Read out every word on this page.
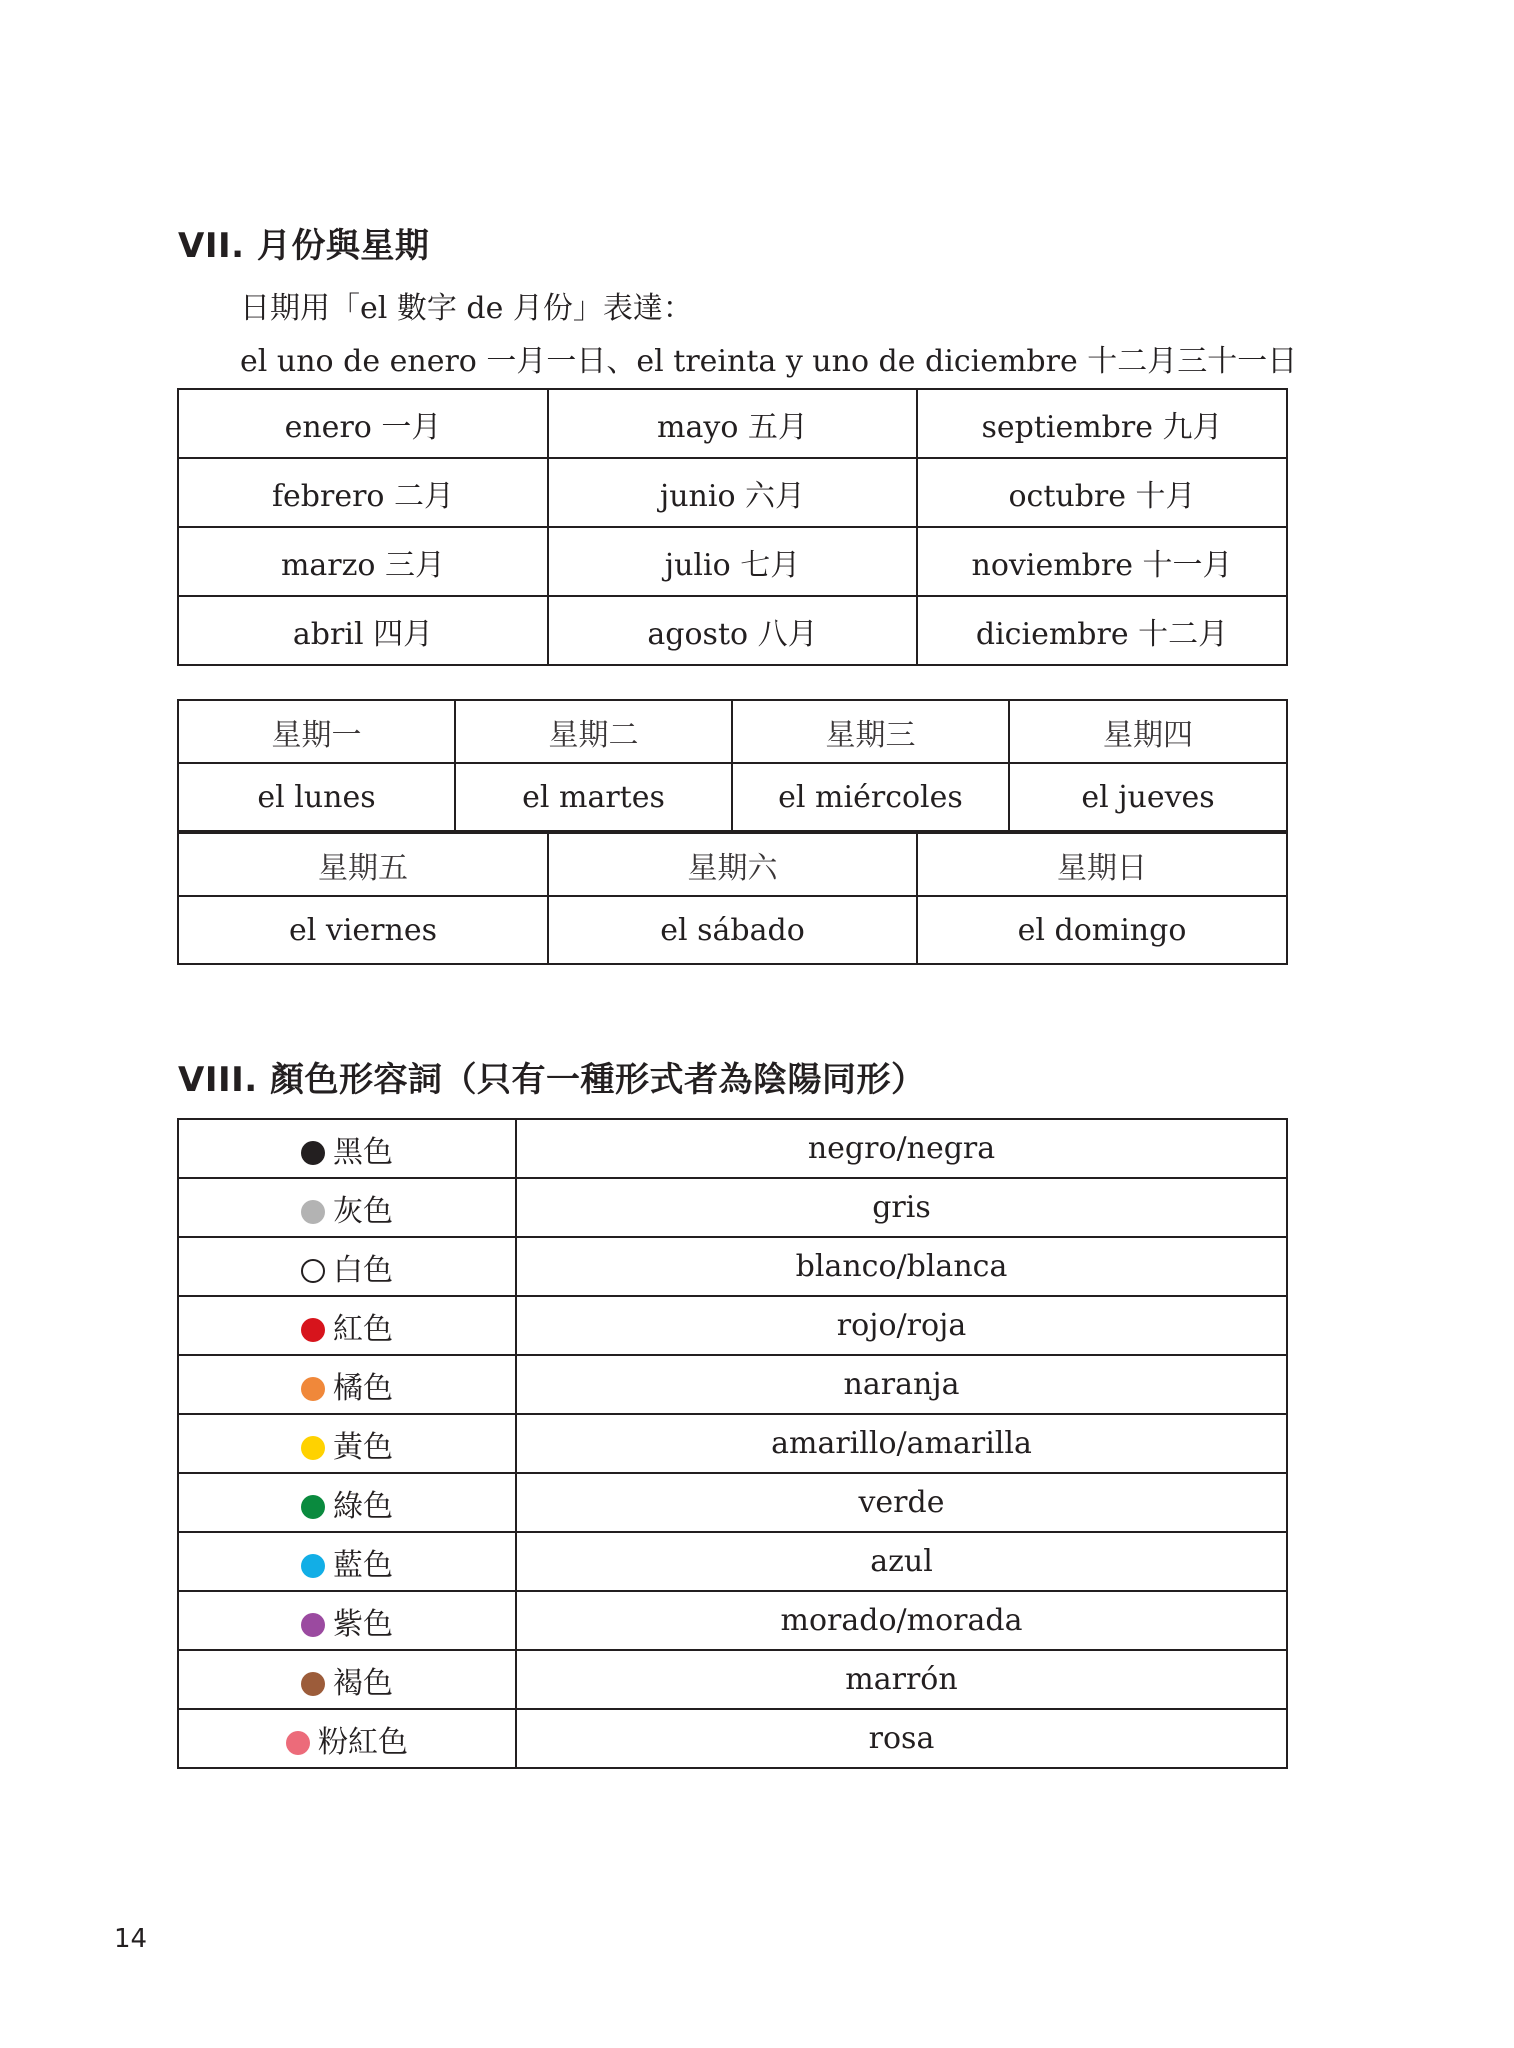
VII. 月份與星期
日期用「el 數字 de 月份」表達：
el uno de enero 一月一日、el treinta y uno de diciembre 十二月三十一日
enero 一月	mayo 五月	septiembre 九月
febrero 二月	junio 六月	octubre 十月
marzo 三月	julio 七月	noviembre 十一月
abril 四月	agosto 八月	diciembre 十二月
星期一	星期二	星期三	星期四
el lunes	el martes	el miércoles	el jueves
星期五	星期六	星期日
el viernes	el sábado	el domingo
VIII. 顏色形容詞（只有一種形式者為陰陽同形）
黑色	negro/negra
灰色	gris
白色	blanco/blanca
紅色	rojo/roja
橘色	naranja
黃色	amarillo/amarilla
綠色	verde
藍色	azul
紫色	morado/morada
褐色	marrón
粉紅色	rosa
14
